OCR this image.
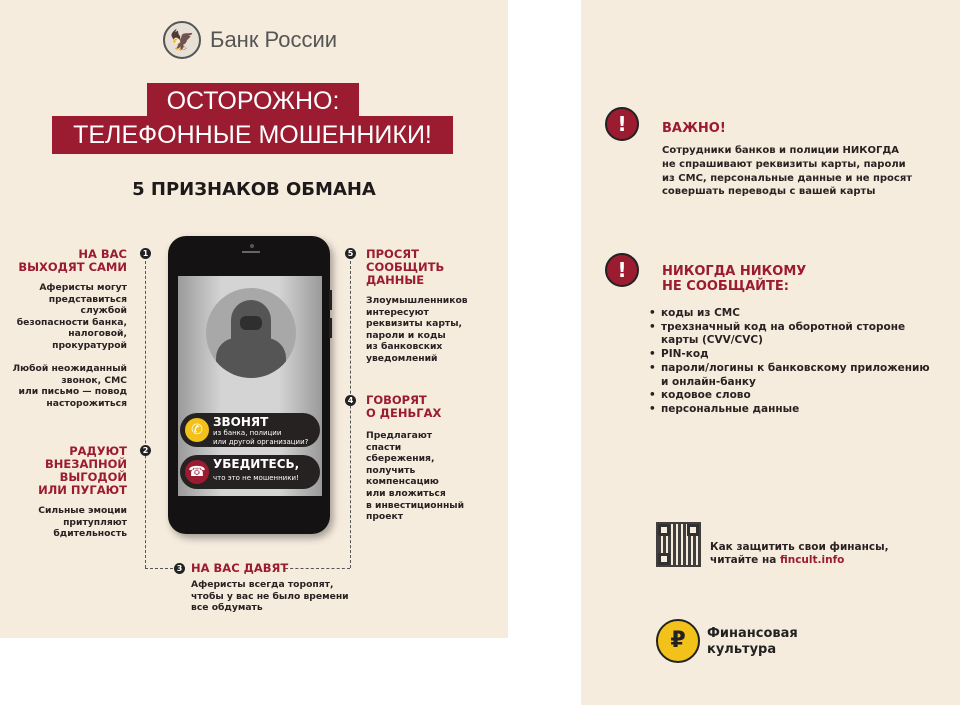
🦅 Банк России
ОСТОРОЖНО:
ТЕЛЕФОННЫЕ МОШЕННИКИ!
5 ПРИЗНАКОВ ОБМАНА
1
НА ВАС
ВЫХОДЯТ САМИ
Аферисты могут
представиться
службой
безопасности банка,
налоговой,
прокуратурой
Любой неожиданный
звонок, СМС
или письмо — повод
насторожиться
2
РАДУЮТ
ВНЕЗАПНОЙ
ВЫГОДОЙ
ИЛИ ПУГАЮТ
Сильные эмоции
притупляют
бдительность
3 НА ВАС ДАВЯТ
Аферисты всегда торопят,
чтобы у вас не было времени
все обдумать
5 ПРОСЯТ
СООБЩИТЬ
ДАННЫЕ
Злоумышленников
интересуют
реквизиты карты,
пароли и коды
из банковских
уведомлений
4 ГОВОРЯТ
О ДЕНЬГАХ
Предлагают
спасти
сбережения,
получить
компенсацию
или вложиться
в инвестиционный
проект
✆ ЗВОНЯТ
из банка, полиции
или другой организации?
☎ УБЕДИТЕСЬ,
что это не мошенники!
!	ВАЖНО!
Сотрудники банков и полиции НИКОГДА
не спрашивают реквизиты карты, пароли
из СМС, персональные данные и не просят
совершать переводы с вашей карты
!	НИКОГДА НИКОМУ
НЕ СООБЩАЙТЕ:
• коды из СМС
• трехзначный код на оборотной стороне
карты (CVV/CVC)
• PIN-код
• пароли/логины к банковскому приложению
и онлайн-банку
• кодовое слово
• персональные данные
Как защитить свои финансы,
читайте на fincult.info
₽	Финансовая
культура
